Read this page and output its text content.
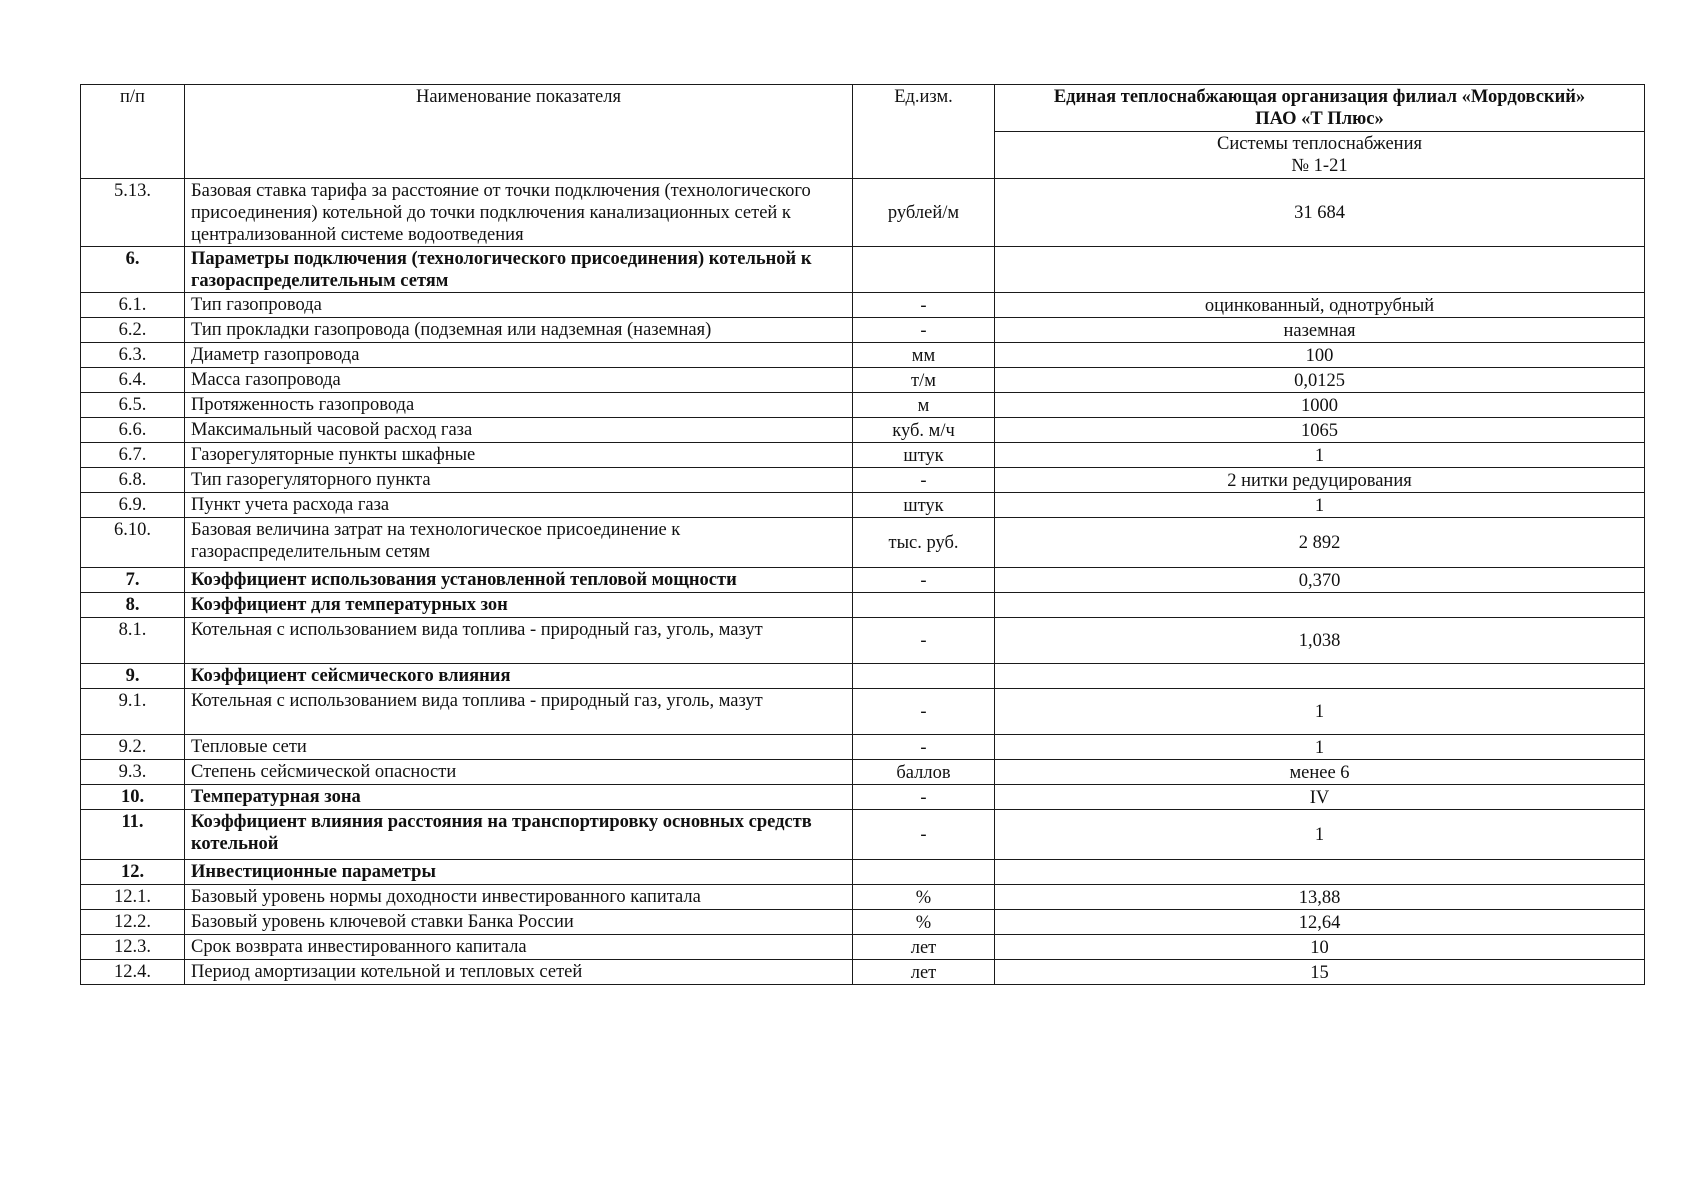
п/п	Наименование показателя	Ед.изм.	Единая теплоснабжающая организация филиал «Мордовский»
ПАО «Т Плюс»
			Системы теплоснабжения
№ 1-21
5.13.	Базовая ставка тарифа за расстояние от точки подключения (технологического присоединения) котельной до точки подключения канализационных сетей к централизованной системе водоотведения	рублей/м	31 684
6.	Параметры подключения (технологического присоединения) котельной к газораспределительным сетям		
6.1.	Тип газопровода	-	оцинкованный, однотрубный
6.2.	Тип прокладки газопровода (подземная или надземная (наземная)	-	наземная
6.3.	Диаметр газопровода	мм	100
6.4.	Масса газопровода	т/м	0,0125
6.5.	Протяженность газопровода	м	1000
6.6.	Максимальный часовой расход газа	куб. м/ч	1065
6.7.	Газорегуляторные пункты шкафные	штук	1
6.8.	Тип газорегуляторного пункта	-	2 нитки редуцирования
6.9.	Пункт учета расхода газа	штук	1
6.10.	Базовая величина затрат на технологическое присоединение к газораспределительным сетям	тыс. руб.	2 892
7.	Коэффициент использования установленной тепловой мощности	-	0,370
8.	Коэффициент для температурных зон		
8.1.	Котельная с использованием вида топлива - природный газ, уголь, мазут	-	1,038
9.	Коэффициент сейсмического влияния		
9.1.	Котельная с использованием вида топлива - природный газ, уголь, мазут	-	1
9.2.	Тепловые сети	-	1
9.3.	Степень сейсмической опасности	баллов	менее 6
10.	Температурная зона	-	IV
11.	Коэффициент влияния расстояния на транспортировку основных средств котельной	-	1
12.	Инвестиционные параметры		
12.1.	Базовый уровень нормы доходности инвестированного капитала	%	13,88
12.2.	Базовый уровень ключевой ставки Банка России	%	12,64
12.3.	Срок возврата инвестированного капитала	лет	10
12.4.	Период амортизации котельной и тепловых сетей	лет	15
